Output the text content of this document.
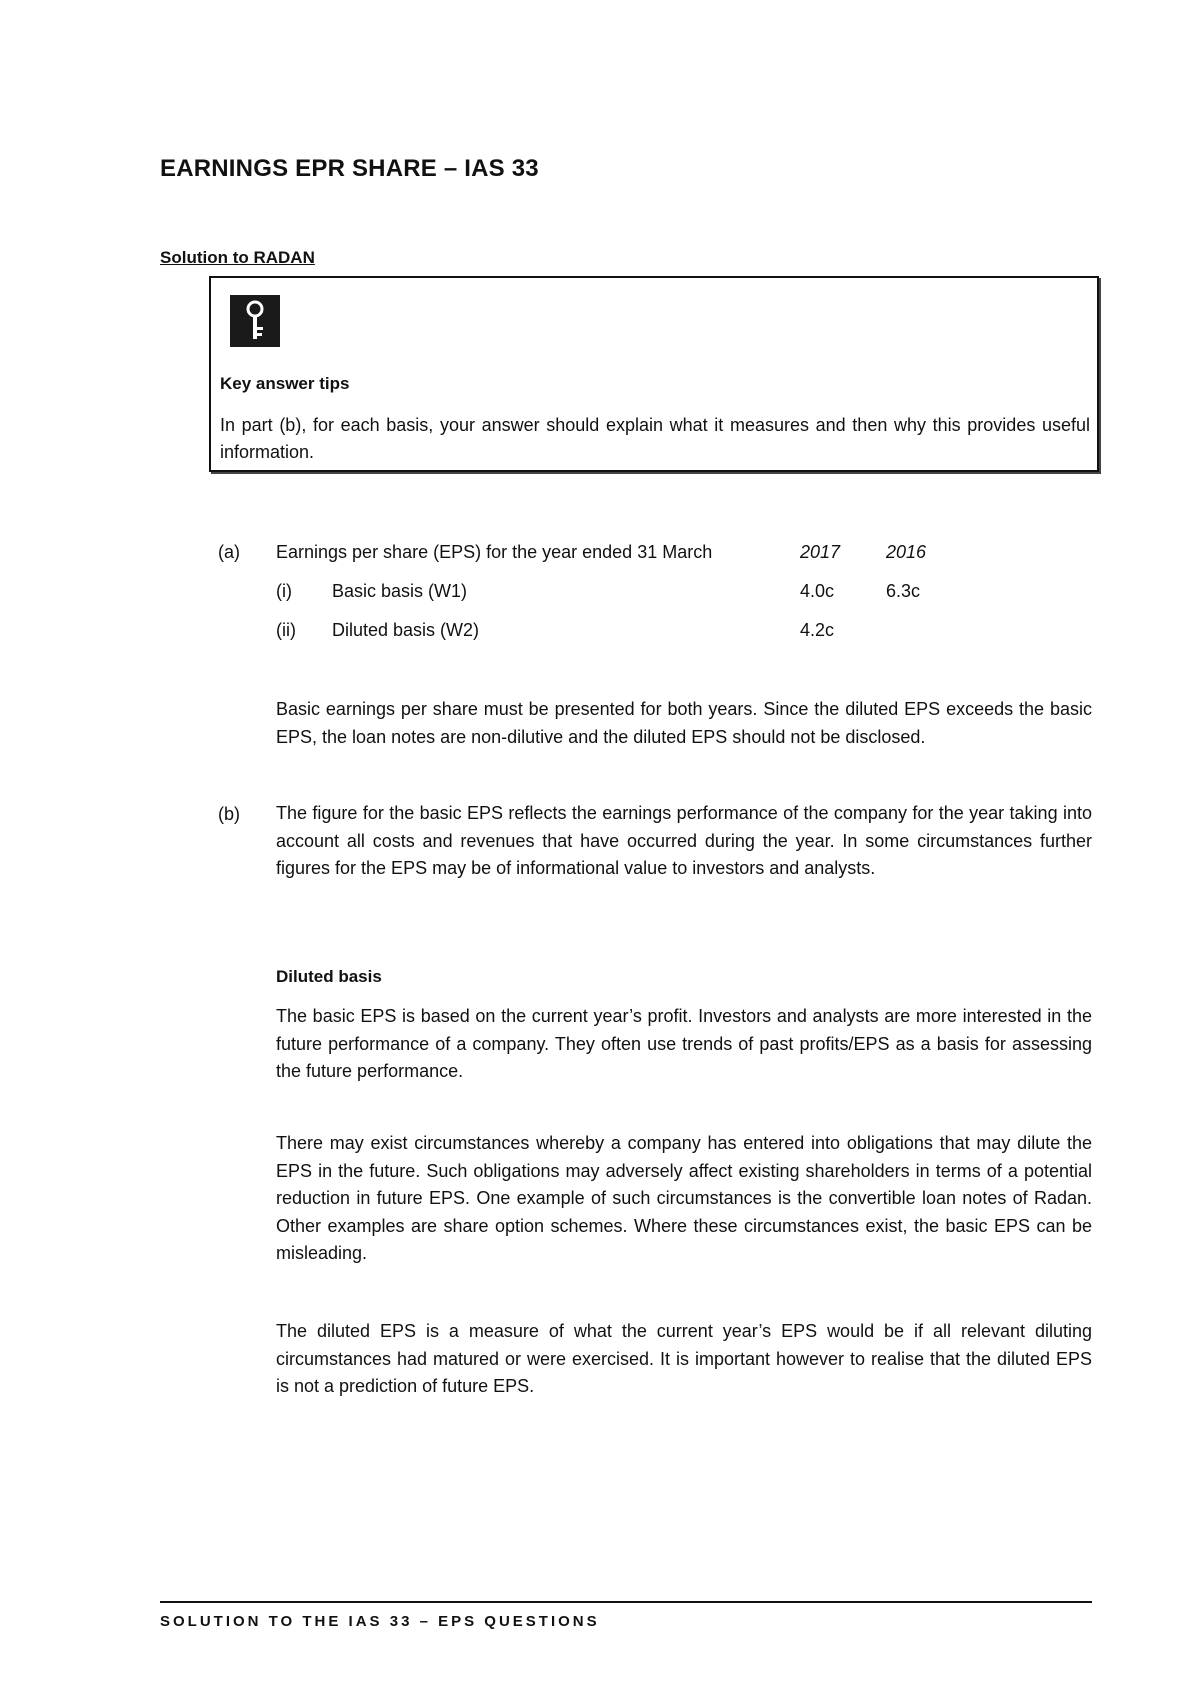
EARNINGS EPR SHARE – IAS 33
Solution to RADAN
Key answer tips
In part (b), for each basis, your answer should explain what it measures and then why this provides useful information.
(a) Earnings per share (EPS) for the year ended 31 March	2017	2016
(i) Basic basis (W1)	4.0c	6.3c
(ii) Diluted basis (W2)	4.2c
Basic earnings per share must be presented for both years. Since the diluted EPS exceeds the basic EPS, the loan notes are non-dilutive and the diluted EPS should not be disclosed.
(b) The figure for the basic EPS reflects the earnings performance of the company for the year taking into account all costs and revenues that have occurred during the year. In some circumstances further figures for the EPS may be of informational value to investors and analysts.
Diluted basis
The basic EPS is based on the current year’s profit. Investors and analysts are more interested in the future performance of a company. They often use trends of past profits/EPS as a basis for assessing the future performance.
There may exist circumstances whereby a company has entered into obligations that may dilute the EPS in the future. Such obligations may adversely affect existing shareholders in terms of a potential reduction in future EPS. One example of such circumstances is the convertible loan notes of Radan. Other examples are share option schemes. Where these circumstances exist, the basic EPS can be misleading.
The diluted EPS is a measure of what the current year’s EPS would be if all relevant diluting circumstances had matured or were exercised. It is important however to realise that the diluted EPS is not a prediction of future EPS.
SOLUTION TO THE IAS 33 – EPS QUESTIONS
